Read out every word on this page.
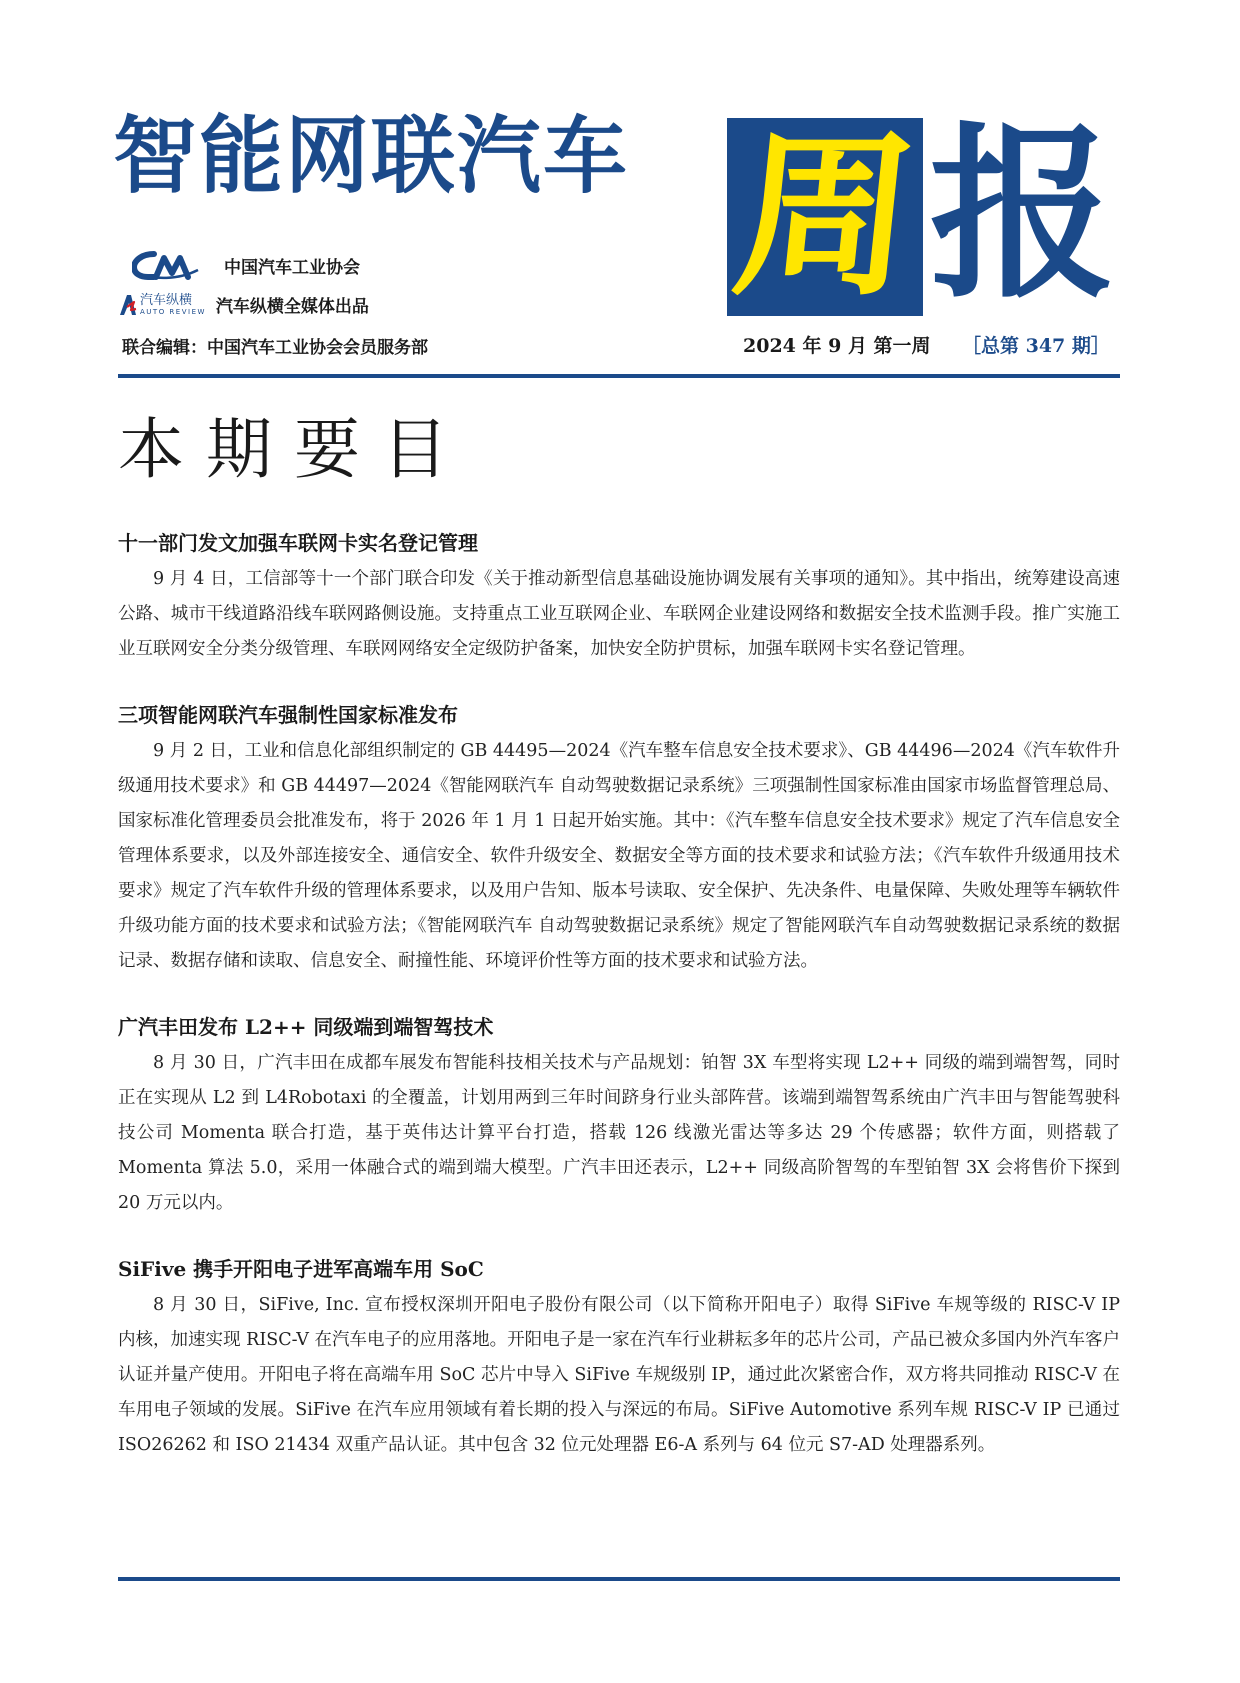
智能网联汽车 周 报
中国汽车工业协会
汽车纵横
AUTO REVIEW 汽车纵横全媒体出品
联合编辑：中国汽车工业协会会员服务部	2024 年 9 月 第一周 ［总第 347 期］
本期要目
十一部门发文加强车联网卡实名登记管理

9 月 4 日，工信部等十一个部门联合印发《关于推动新型信息基础设施协调发展有关事项的通知》。其中指出，统筹建设高速公路、城市干线道路沿线车联网路侧设施。支持重点工业互联网企业、车联网企业建设网络和数据安全技术监测手段。推广实施工业互联网安全分类分级管理、车联网网络安全定级防护备案，加快安全防护贯标，加强车联网卡实名登记管理。

三项智能网联汽车强制性国家标准发布

9 月 2 日，工业和信息化部组织制定的 GB 44495—2024《汽车整车信息安全技术要求》、GB 44496—2024《汽车软件升级通用技术要求》和 GB 44497—2024《智能网联汽车 自动驾驶数据记录系统》三项强制性国家标准由国家市场监督管理总局、国家标准化管理委员会批准发布，将于 2026 年 1 月 1 日起开始实施。其中：《汽车整车信息安全技术要求》规定了汽车信息安全管理体系要求，以及外部连接安全、通信安全、软件升级安全、数据安全等方面的技术要求和试验方法；《汽车软件升级通用技术要求》规定了汽车软件升级的管理体系要求，以及用户告知、版本号读取、安全保护、先决条件、电量保障、失败处理等车辆软件升级功能方面的技术要求和试验方法；《智能网联汽车 自动驾驶数据记录系统》规定了智能网联汽车自动驾驶数据记录系统的数据记录、数据存储和读取、信息安全、耐撞性能、环境评价性等方面的技术要求和试验方法。

广汽丰田发布 L2++ 同级端到端智驾技术

8 月 30 日，广汽丰田在成都车展发布智能科技相关技术与产品规划：铂智 3X 车型将实现 L2++ 同级的端到端智驾，同时正在实现从 L2 到 L4Robotaxi 的全覆盖，计划用两到三年时间跻身行业头部阵营。该端到端智驾系统由广汽丰田与智能驾驶科技公司 Momenta 联合打造，基于英伟达计算平台打造，搭载 126 线激光雷达等多达 29 个传感器；软件方面，则搭载了 Momenta 算法 5.0，采用一体融合式的端到端大模型。广汽丰田还表示，L2++ 同级高阶智驾的车型铂智 3X 会将售价下探到 20 万元以内。

SiFive 携手开阳电子进军高端车用 SoC

8 月 30 日，SiFive, Inc. 宣布授权深圳开阳电子股份有限公司（以下简称开阳电子）取得 SiFive 车规等级的 RISC-V IP 内核，加速实现 RISC-V 在汽车电子的应用落地。开阳电子是一家在汽车行业耕耘多年的芯片公司，产品已被众多国内外汽车客户认证并量产使用。开阳电子将在高端车用 SoC 芯片中导入 SiFive 车规级别 IP，通过此次紧密合作，双方将共同推动 RISC-V 在车用电子领域的发展。SiFive 在汽车应用领域有着长期的投入与深远的布局。SiFive Automotive 系列车规 RISC-V IP 已通过 ISO26262 和 ISO 21434 双重产品认证。其中包含 32 位元处理器 E6-A 系列与 64 位元 S7-AD 处理器系列。
